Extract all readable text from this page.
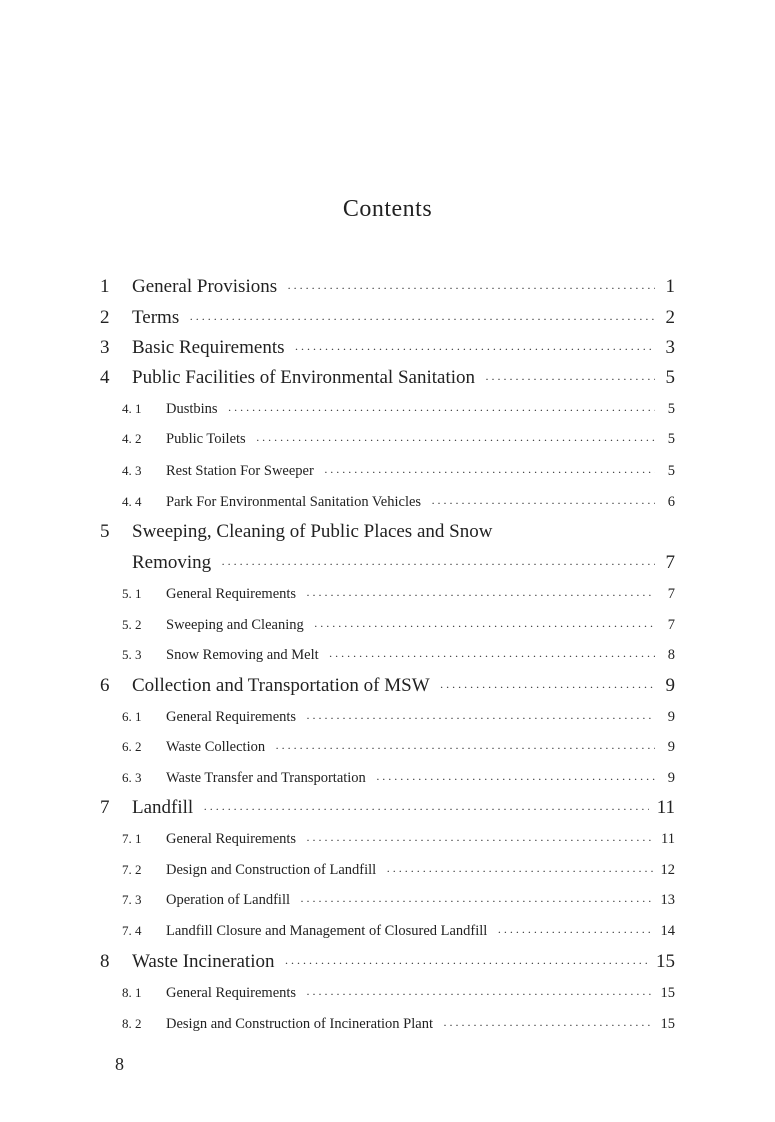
Contents
1	General Provisions ·····	1
2	Terms ·····	2
3	Basic Requirements ·····	3
4	Public Facilities of Environmental Sanitation ·····	5
4. 1	Dustbins ·····	5
4. 2	Public Toilets ·····	5
4. 3	Rest Station For Sweeper ·····	5
4. 4	Park For Environmental Sanitation Vehicles ·····	6
5	Sweeping, Cleaning of Public Places and Snow
Removing ·····	7
5. 1	General Requirements ·····	7
5. 2	Sweeping and Cleaning ·····	7
5. 3	Snow Removing and Melt ·····	8
6	Collection and Transportation of MSW ·····	9
6. 1	General Requirements ·····	9
6. 2	Waste Collection ·····	9
6. 3	Waste Transfer and Transportation ·····	9
7	Landfill ·····	11
7. 1	General Requirements ·····	11
7. 2	Design and Construction of Landfill ·····	12
7. 3	Operation of Landfill ·····	13
7. 4	Landfill Closure and Management of Closured Landfill ·····	14
8	Waste Incineration ·····	15
8. 1	General Requirements ·····	15
8. 2	Design and Construction of Incineration Plant ·····	15
8
